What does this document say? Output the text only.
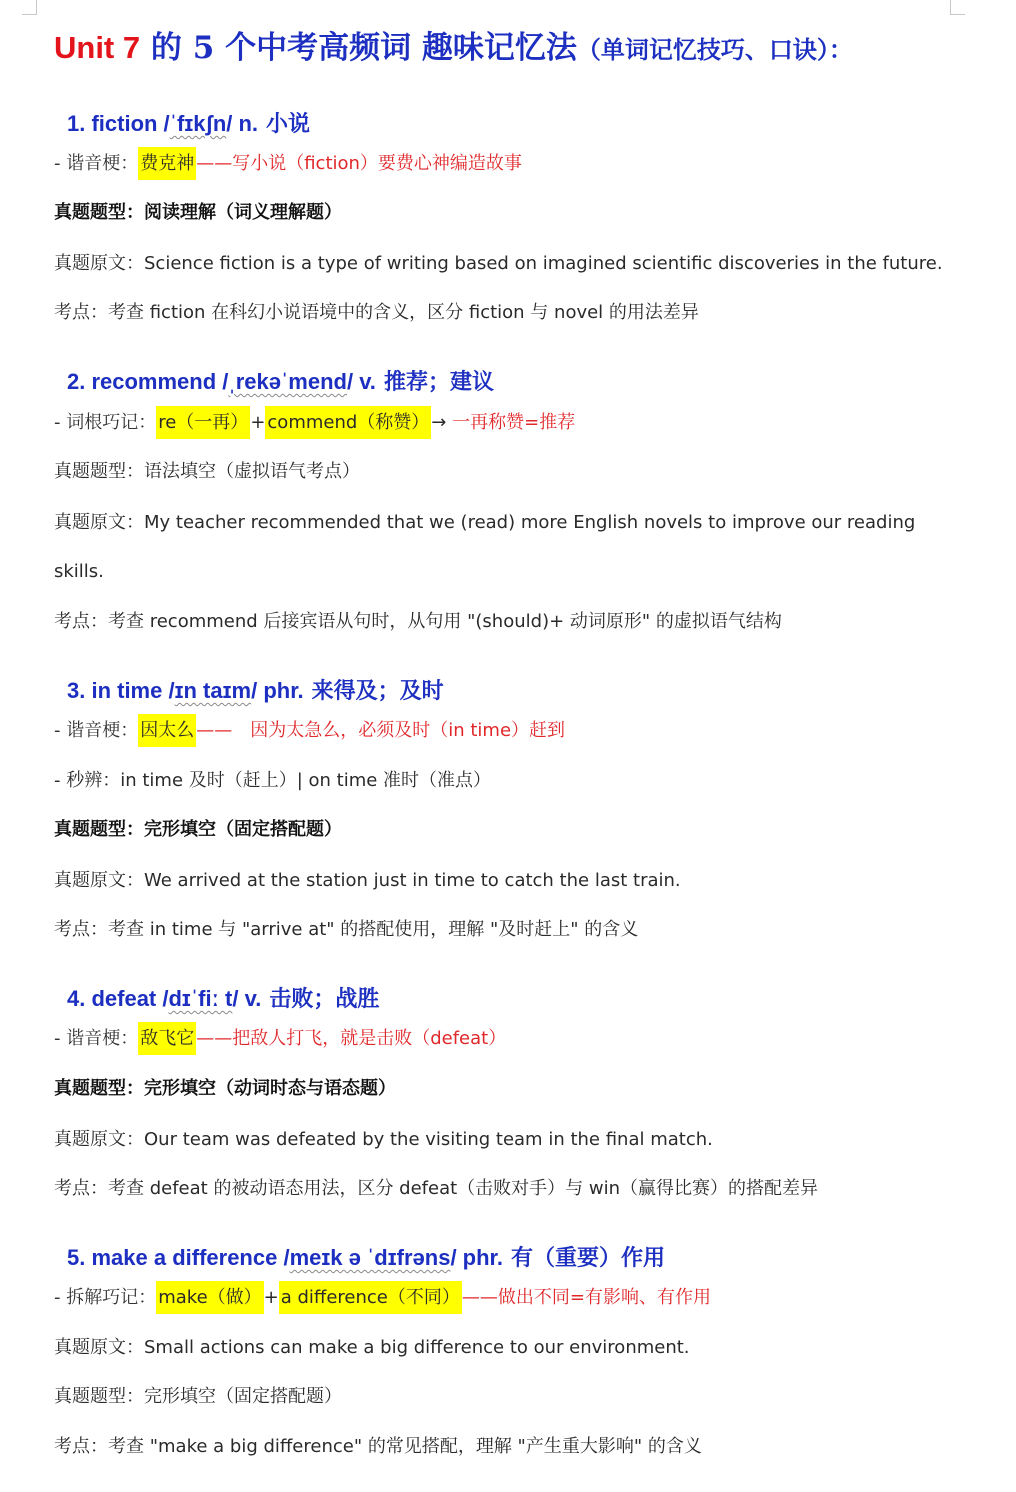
Unit 7 的 5 个中考高频词 趣味记忆法（单词记忆技巧、口诀）：
1. fiction /ˈfɪkʃn/ n. 小说
- 谐音梗： 费克神 ——写小说（fiction）要费心神编造故事
真题题型：阅读理解（词义理解题）
真题原文：Science fiction is a type of writing based on imagined scientific discoveries in the future.
考点：考查 fiction 在科幻小说语境中的含义，区分 fiction 与 novel 的用法差异
2. recommend /ˌrekəˈmend/ v. 推荐；建议
- 词根巧记： re（一再） + commend（称赞） → 一再称赞=推荐
真题题型：语法填空（虚拟语气考点）
真题原文：My teacher recommended that we (read) more English novels to improve our reading
skills.
考点：考查 recommend 后接宾语从句时，从句用 "(should)+ 动词原形" 的虚拟语气结构
3. in time /ɪn taɪm/ phr. 来得及；及时
- 谐音梗： 因太么 ——　因为太急么，必须及时（in time）赶到
- 秒辨：in time 及时（赶上）| on time 准时（准点）
真题题型：完形填空（固定搭配题）
真题原文：We arrived at the station just in time to catch the last train.
考点：考查 in time 与 "arrive at" 的搭配使用，理解 "及时赶上" 的含义
4. defeat /dɪˈfiː t/ v. 击败；战胜
- 谐音梗： 敌飞它 ——把敌人打飞，就是击败（defeat）
真题题型：完形填空（动词时态与语态题）
真题原文：Our team was defeated by the visiting team in the final match.
考点：考查 defeat 的被动语态用法，区分 defeat（击败对手）与 win（赢得比赛）的搭配差异
5. make a difference /meɪk ə ˈdɪfrəns/ phr. 有（重要）作用
- 拆解巧记： make（做） + a difference（不同） ——做出不同=有影响、有作用
真题原文：Small actions can make a big difference to our environment.
真题题型：完形填空（固定搭配题）
考点：考查 "make a big difference" 的常见搭配，理解 "产生重大影响" 的含义
